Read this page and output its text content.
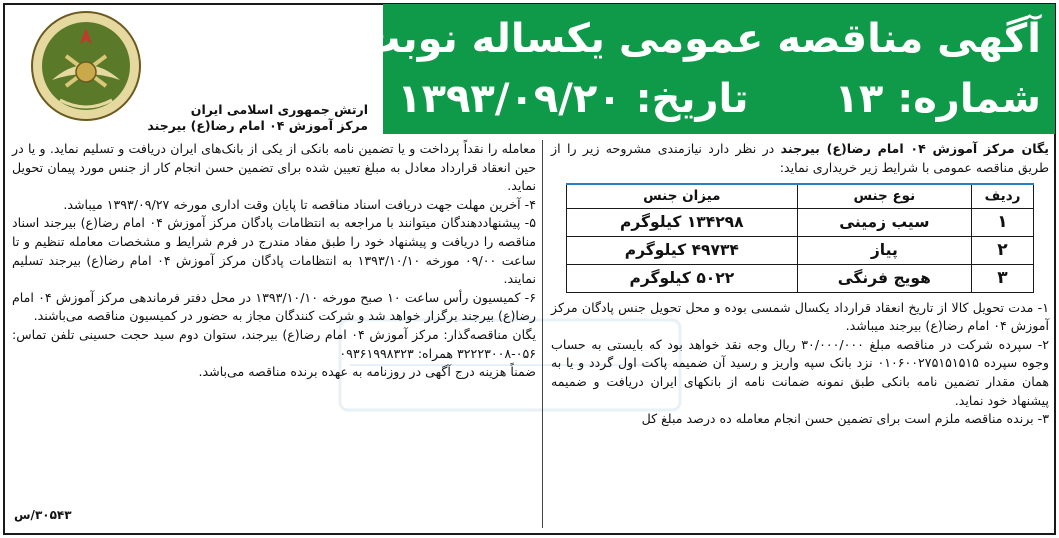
آگهی مناقصه عمومی یکساله نوبت: دوم
شماره: ۱۳  تاریخ: ۱۳۹۳/۰۹/۲۰
ارتش جمهوری اسلامی ایران
مرکز آموزش ۰۴ امام رضا(ع) بیرجند

یگان مرکز آموزش ۰۴ امام رضا(ع) بیرجند در نظر دارد نیازمندی مشروحه زیر را از طریق مناقصه عمومی با شرایط زیر خریداری نماید:

ردیف	نوع جنس	میزان جنس
۱	سیب زمینی	۱۳۴۲۹۸ کیلوگرم
۲	پیاز	۴۹۷۳۴ کیلوگرم
۳	هویج فرنگی	۵۰۲۲ کیلوگرم

۱- مدت تحویل کالا از تاریخ انعقاد قرارداد یکسال شمسی بوده و محل تحویل جنس پادگان مرکز آموزش ۰۴ امام رضا(ع) بیرجند میباشد.

۲- سپرده شرکت در مناقصه مبلغ ۳۰/۰۰۰/۰۰۰ ریال وجه نقد خواهد بود که بایستی به حساب وجوه سپرده ۰۱۰۶۰۰۲۷۵۱۵۱۵۱۵ نزد بانک سپه واریز و رسید آن ضمیمه پاکت اول گردد و یا به همان مقدار تضمین نامه بانکی طبق نمونه ضمانت نامه از بانکهای ایران دریافت و ضمیمه پیشنهاد خود نماید.

۳- برنده مناقصه ملزم است برای تضمین حسن انجام معامله ده درصد مبلغ کل

معامله را نقداً پرداخت و یا تضمین نامه بانکی از یکی از بانک‌های ایران دریافت و تسلیم نماید. و یا در حین انعقاد قرارداد معادل به مبلغ تعیین شده برای تضمین حسن انجام کار از جنس مورد پیمان تحویل نماید.

۴- آخرین مهلت جهت دریافت اسناد مناقصه تا پایان وقت اداری مورخه ۱۳۹۳/۰۹/۲۷ میباشد.

۵- پیشنهاددهندگان میتوانند با مراجعه به انتظامات پادگان مرکز آموزش ۰۴ امام رضا(ع) بیرجند اسناد مناقصه را دریافت و پیشنهاد خود را طبق مفاد مندرج در فرم شرایط و مشخصات معامله تنظیم و تا ساعت ۰۹/۰۰ مورخه ۱۳۹۳/۱۰/۱۰ به انتظامات پادگان مرکز آموزش ۰۴ امام رضا(ع) بیرجند تسلیم نمایند.

۶- کمیسیون رأس ساعت ۱۰ صبح مورخه ۱۳۹۳/۱۰/۱۰ در محل دفتر فرماندهی مرکز آموزش ۰۴ امام رضا(ع) بیرجند برگزار خواهد شد و شرکت کنندگان مجاز به حضور در کمیسیون مناقصه می‌باشند.

یگان مناقصه‌گذار: مرکز آموزش ۰۴ امام رضا(ع) بیرجند، ستوان دوم سید حجت حسینی تلفن تماس: ۰۵۶-۳۲۲۲۳۰۰۸ همراه: ۰۹۳۶۱۹۹۸۳۲۳

ضمناً هزینه درج آگهی در روزنامه به عهده برنده مناقصه می‌باشد.

۳۰۵۴۳/س
